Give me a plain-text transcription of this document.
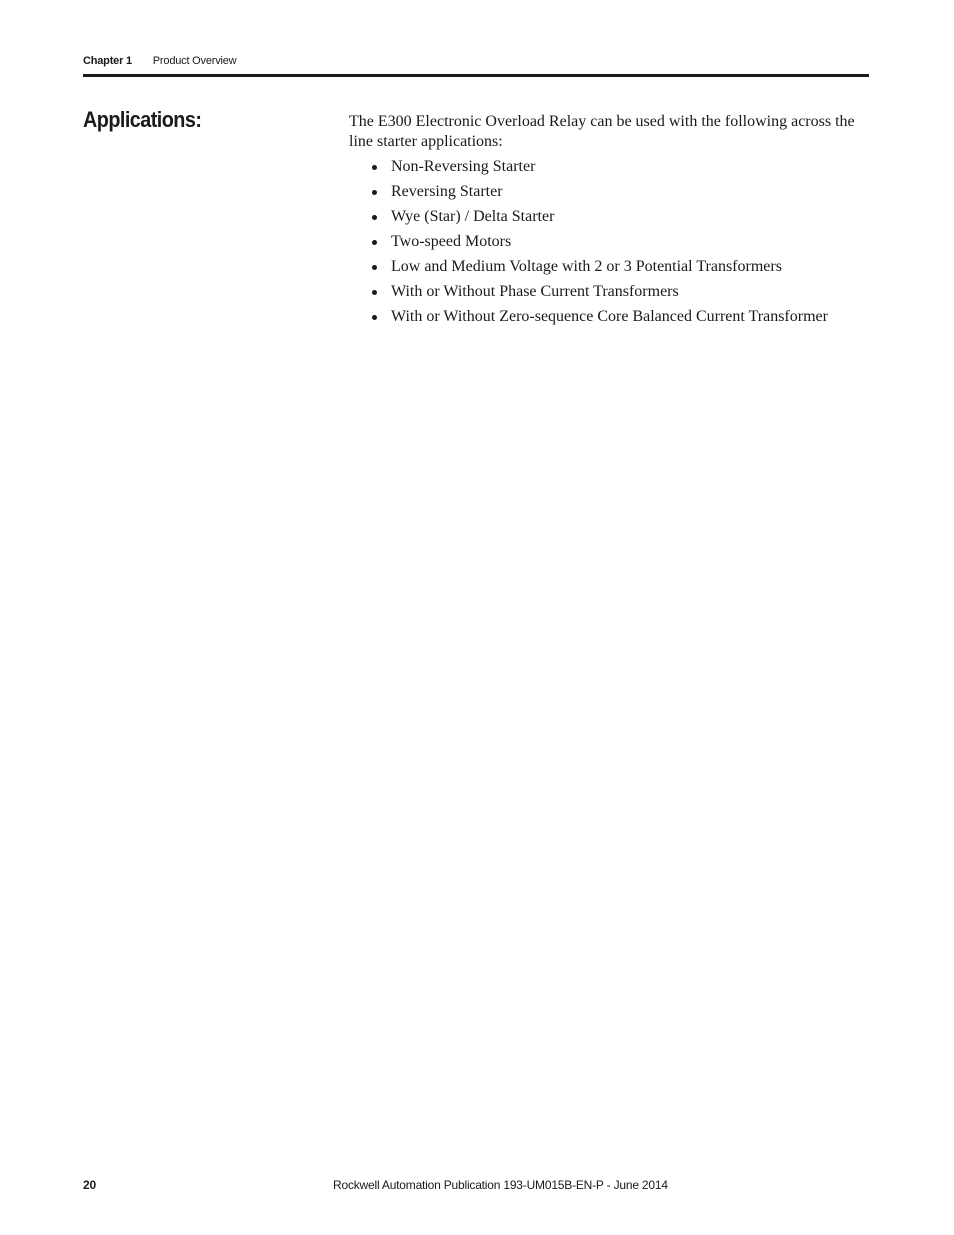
Chapter 1 Product Overview
Applications:	The E300 Electronic Overload Relay can be used with the following across the line starter applications:

Non-Reversing Starter
Reversing Starter
Wye (Star) / Delta Starter
Two-speed Motors
Low and Medium Voltage with 2 or 3 Potential Transformers
With or Without Phase Current Transformers
With or Without Zero-sequence Core Balanced Current Transformer
20	Rockwell Automation Publication 193-UM015B-EN-P - June 2014
